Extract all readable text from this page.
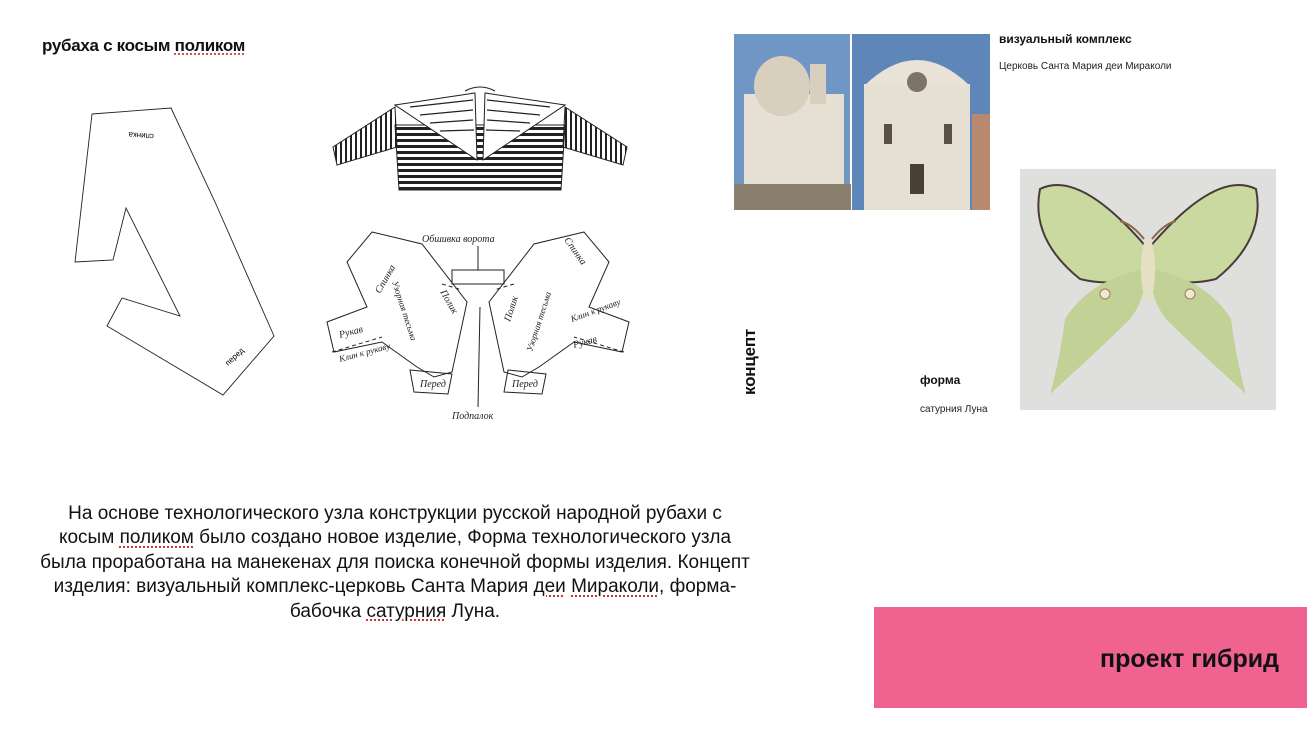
рубаха с косым поликом
спинка
перед
Обшивка ворота
Спинка
Спинка
Рукав
Клин к рукаву
Клин к рукаву
Рукав
Узорная тесьма	Узорная тесьма
Полик	Полик
Перед	Перед
Подпалок
концепт
визуальный комплекс
Церковь Санта Мария деи Мираколи
форма
сатурния Луна
На основе технологического узла конструкции русской народной рубахи с косым поликом было создано новое изделие, Форма технологического узла была проработана на манекенах для поиска конечной формы изделия. Концепт изделия: визуальный комплекс-церковь Санта Мария деи Мираколи, форма-бабочка сатурния Луна.
проект гибрид
